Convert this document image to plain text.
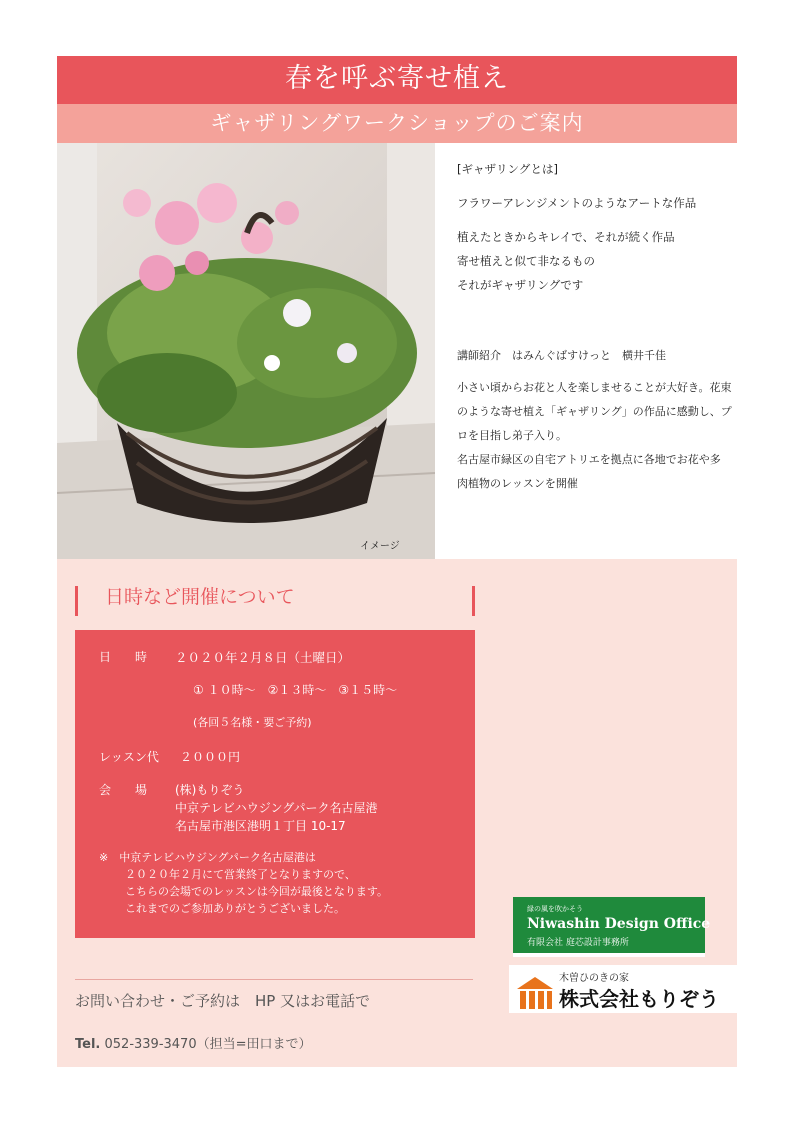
春を呼ぶ寄せ植え
ギャザリングワークショップのご案内
イメージ

[ギャザリングとは]

フラワーアレンジメントのようなアートな作品

植えたときからキレイで、それが続く作品

寄せ植えと似て非なるもの

それがギャザリングです

講師紹介　はみんぐばすけっと　横井千佳

小さい頃からお花と人を楽しませることが大好き。花束

のような寄せ植え「ギャザリング」の作品に感動し、プ

ロを目指し弟子入り。

名古屋市緑区の自宅アトリエを拠点に各地でお花や多

肉植物のレッスンを開催

日時など開催について
日　　時 ２０２０年２月８日（土曜日）
① １０時～　②１３時～　③１５時～
(各回５名様・要ご予約)
レッスン代 ２０００円
会　　場 (株)もりぞう
中京テレビハウジングパーク名古屋港
名古屋市港区港明１丁目 10-17
※　中京テレビハウジングパーク名古屋港は
２０２０年２月にて営業終了となりますので、
こちらの会場でのレッスンは今回が最後となります。
これまでのご参加ありがとうございました。
お問い合わせ・ご予約は　HP 又はお電話で
Tel. 052-339-3470（担当=田口まで）
緑の風を吹かそう
Niwashin Design Office
有限会社 庭芯設計事務所
木曽ひのきの家
株式会社もりぞう
